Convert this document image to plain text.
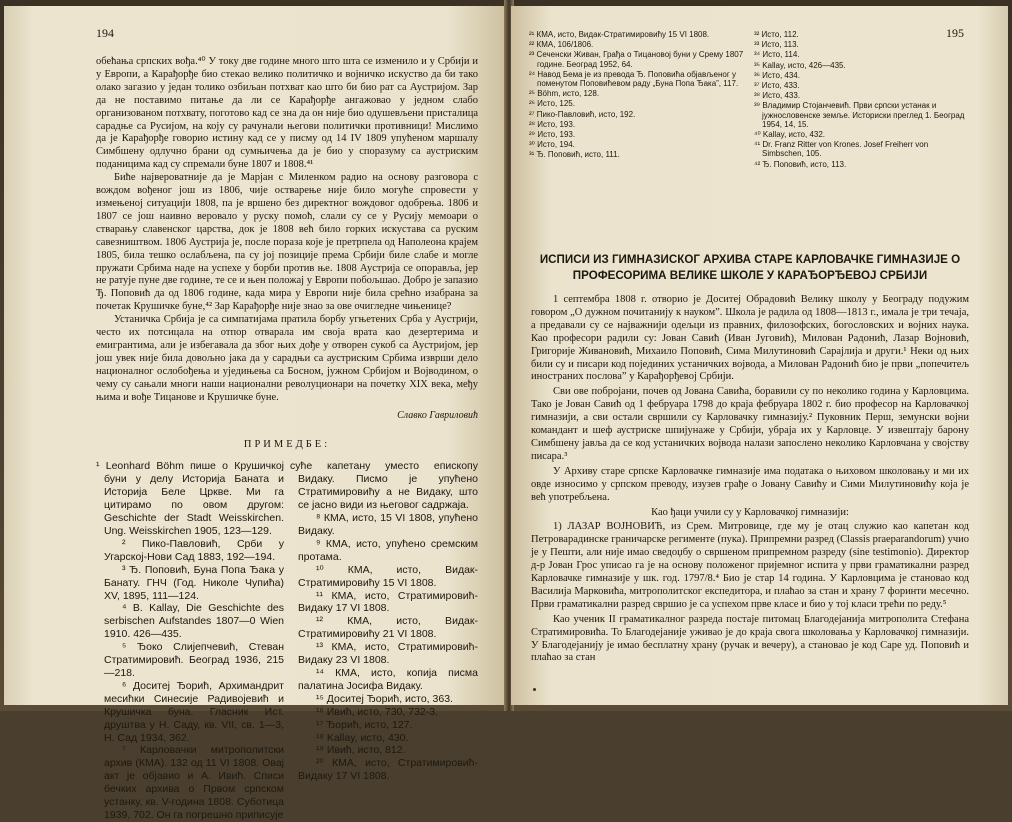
194

обећања српских вођа.⁴⁰ У току две године много што шта се изменило и у Србији и у Европи, а Карађорђе био стекао велико политичко и војничко искуство да би тако олако загазио у један толико озбиљан потхват као што би био рат са Аустријом. Зар да не поставимо питање да ли се Карађорђе ангажовао у једном слабо организованом потхвату, поготово кад се зна да он није био одушевљени присталица сарадње са Русијом, на коју су рачунали његови политички противници! Мислимо да је Карађорђе говорио истину кад се у писму од 14 IV 1809 упућеном маршалу Симбшену одлучно брани од сумњичења да је био у споразуму са аустриским поданицима кад су спремали буне 1807 и 1808.⁴¹

Биће највероватније да је Марјан с Миленком радио на основу разговора с вождом вођеног још из 1806, чије остварење није било могуће спровести у измењеној ситуацији 1808, па је вршено без директног вождовог одобрења. 1806 и 1807 се још наивно веровало у руску помоћ, слали су се у Русију мемоари о стварању славенског царства, док је 1808 већ било горких искустава са руским савезништвом. 1806 Аустрија је, после пораза које је претрпела од Наполеона крајем 1805, била тешко ослабљена, па су јој позиције према Србији биле слабе и могле пружати Србима наде на успехе у борби против ње. 1808 Аустрија се опоравља, јер не ратује пуне две године, те се и њен положај у Европи побољшао. Добро је запазио Ђ. Поповић да од 1806 године, када мира у Европи није била срећно изабрана за почетак Крушичке буне,⁴² Зар Карађорђе није знао за ове очигледне чињенице?

Устаничка Србија је са симпатијама пратила борбу угњетених Срба у Аустрији, често их потсицала на отпор отварала им своја врата као дезертерима и емигрантима, али је избегавала да због њих дође у отворен сукоб са Аустријом, јер још увек није била довољно јака да у сарадњи са аустриским Србима изврши дело националног ослобођења и уједињења са Босном, јужном Србијом и Војводином, о чему су сањали многи наши национални револуционари на почетку XIX века, међу њима и вође Тицанове и Крушичке буне.

Славко Гавриловић
ПРИМЕДБЕ:

¹ Leonhard Böhm пише о Крушичкој буни у делу Историја Баната и Историја Беле Цркве. Ми га цитирамо по овом другом: Geschichte der Stadt Weisskirchen. Ung. Weisskirchen 1905, 123—129.

² Пико-Павловић, Срби у Угарској-Нови Сад 1883, 192—194.

³ Ђ. Поповић, Буна Попа Ђака у Банату. ГНЧ (Год. Николе Чупића) XV, 1895, 111—124.

⁴ B. Kallay, Die Geschichte des serbischen Aufstandes 1807—0 Wien 1910. 426—435.

⁵ Ђоко Слијепчевић, Стеван Стратимировић. Београд 1936, 215—218.

⁶ Доситеј Ђорић, Архимандрит месићки Синесије Радивојевић и Крушичка буна. Гласник Ист. друштва у Н. Саду, кв. VII, св. 1—3, Н. Сад 1934, 362.

⁷ Карловачки митрополитски архив (КМА). 132 од 11 VI 1808. Овај акт је објавио и А. Ивић. Списи бечких архива о Првом српском устанку, кв. V-година 1808. Суботица 1939, 702. Он га погрешно приписује

суће капетану уместо епископу Видаку. Писмо је упућено Стратимировићу а не Видаку, што се јасно види из његовог садржаја.

⁸ КМА, исто, 15 VI 1808, упућено Видаку.

⁹ КМА, исто, упућено сремским протама.

¹⁰ КМА, исто, Видак-Стратимировићу 15 VI 1808.

¹¹ КМА, исто, Стратимировић-Видаку 17 VI 1808.

¹² КМА, исто, Видак-Стратимировићу 21 VI 1808.

¹³ КМА, исто, Стратимировић-Видаку 23 VI 1808.

¹⁴ КМА, исто, копија писма палатина Јосифа Видаку.

¹⁵ Доситеј Ђорић, исто, 363.

¹⁶ Ивић, исто, 730, 732-3.

¹⁷ Ђорић, исто, 127.

¹⁸ Kallay, исто, 430.

¹⁹ Ивић, исто, 812.

²⁰ КМА, исто, Стратимировић-Видаку 17 VI 1808.

195

²¹ КМА, исто, Видак-Стратимировићу 15 VI 1808.

²² КМА, 106/1806.

²³ Сеченски Живан, Грађа о Тицановој буни у Срему 1807 године. Београд 1952, 64.

²⁴ Навод Бема је из превода Ђ. Поповића објављеног у поменутом Поповићевом раду „Буна Попа Ђака”, 117.

²⁵ Böhm, исто, 128.

²⁶ Исто, 125.

²⁷ Пико-Павловић, исто, 192.

²⁸ Исто, 193.

²⁹ Исто, 193.

³⁰ Исто, 194.

³¹ Ђ. Поповић, исто, 111.

³² Исто, 112.

³³ Исто, 113.

³⁴ Исто, 114.

³⁵ Kallay, исто, 426—435.

³⁶ Исто, 434.

³⁷ Исто, 433.

³⁸ Исто, 433.

³⁹ Владимир Стојанчевић. Први српски устанак и јужнословенске земље. Историски преглед 1. Београд 1954, 14, 15.

⁴⁰ Kallay, исто, 432.

⁴¹ Dr. Franz Ritter von Krones. Josef Freiherr von Simbschen, 105.

⁴² Ђ. Поповић, исто, 113.

ИСПИСИ ИЗ ГИМНАЗИСКОГ АРХИВА СТАРЕ КАРЛОВАЧКЕ ГИМНАЗИЈЕ О ПРОФЕСОРИМА ВЕЛИКЕ ШКОЛЕ У КАРАЂОРЂЕВОЈ СРБИЈИ

1 септембра 1808 г. отворио је Доситеј Обрадовић Велику школу у Београду подужим говором „О дужном почитанију к науком”. Школа је радила од 1808—1813 г., имала је три течаја, а предавали су се најважнији одељци из правних, филозофских, богословских и војних наука. Као професори радили су: Јован Савић (Иван Југовић), Милован Радонић, Лазар Војновић, Григорије Живановић, Михаило Поповић, Сима Милутиновић Сарајлија и други.¹ Неки од њих били су и писари код појединих устаничких војвода, а Милован Радонић био је први „попечитељ иностраних послова” у Карађорђевој Србији.

Сви ове побројани, почев од Јована Савића, боравили су по неколико година у Карловцима. Тако је Јован Савић од 1 фебруара 1798 до краја фебруара 1802 г. био професор на Карловачкој гимназији, а сви остали свршили су Карловачку гимназију.² Пуковник Перш, земунски војни командант и шеф аустриске шпијунаже у Србији, убраја их у Карловце. У извештају барону Симбшену јавља да се код устаничких војвода налази запослено неколико Карловчана у својству писара.³

У Архиву старе српске Карловачке гимназије има података о њиховом школовању и ми их овде износимо у српском преводу, изузев грађе о Јовану Савићу и Сими Милутиновићу која је већ употребљена.

Као ђаци учили су у Карловачкој гимназији:

1) ЛАЗАР ВОЈНОВИЋ, из Срем. Митровице, где му је отац служио као капетан код Петроварадинске граничарске регименте (пука). Припремни разред (Classis praeparandorum) учио је у Пешти, али није имао сведоџбу о свршеном припремном разреду (sine testimonio). Директор д-р Јован Грос уписао га је на основу положеног пријемног испита у први граматикални разред Карловачке гимназије у шк. год. 1797/8.⁴ Био је стар 14 година. У Карловцима је становао код Василија Марковића, митрополитског експедитора, и плаћао за стан и храну 7 форинти месечно. Први граматикални разред свршио је са успехом прве класе и био у тој класи трећи по реду.⁵

Као ученик II граматикалног разреда постаје питомац Благодејанија митрополита Стефана Стратимировића. То Благодејаније уживао је до краја свога школовања у Карловачкој гимназији. У Благодејанију је имао бесплатну храну (ручак и вечеру), а становао је код Саре уд. Поповић и плаћао за стан
